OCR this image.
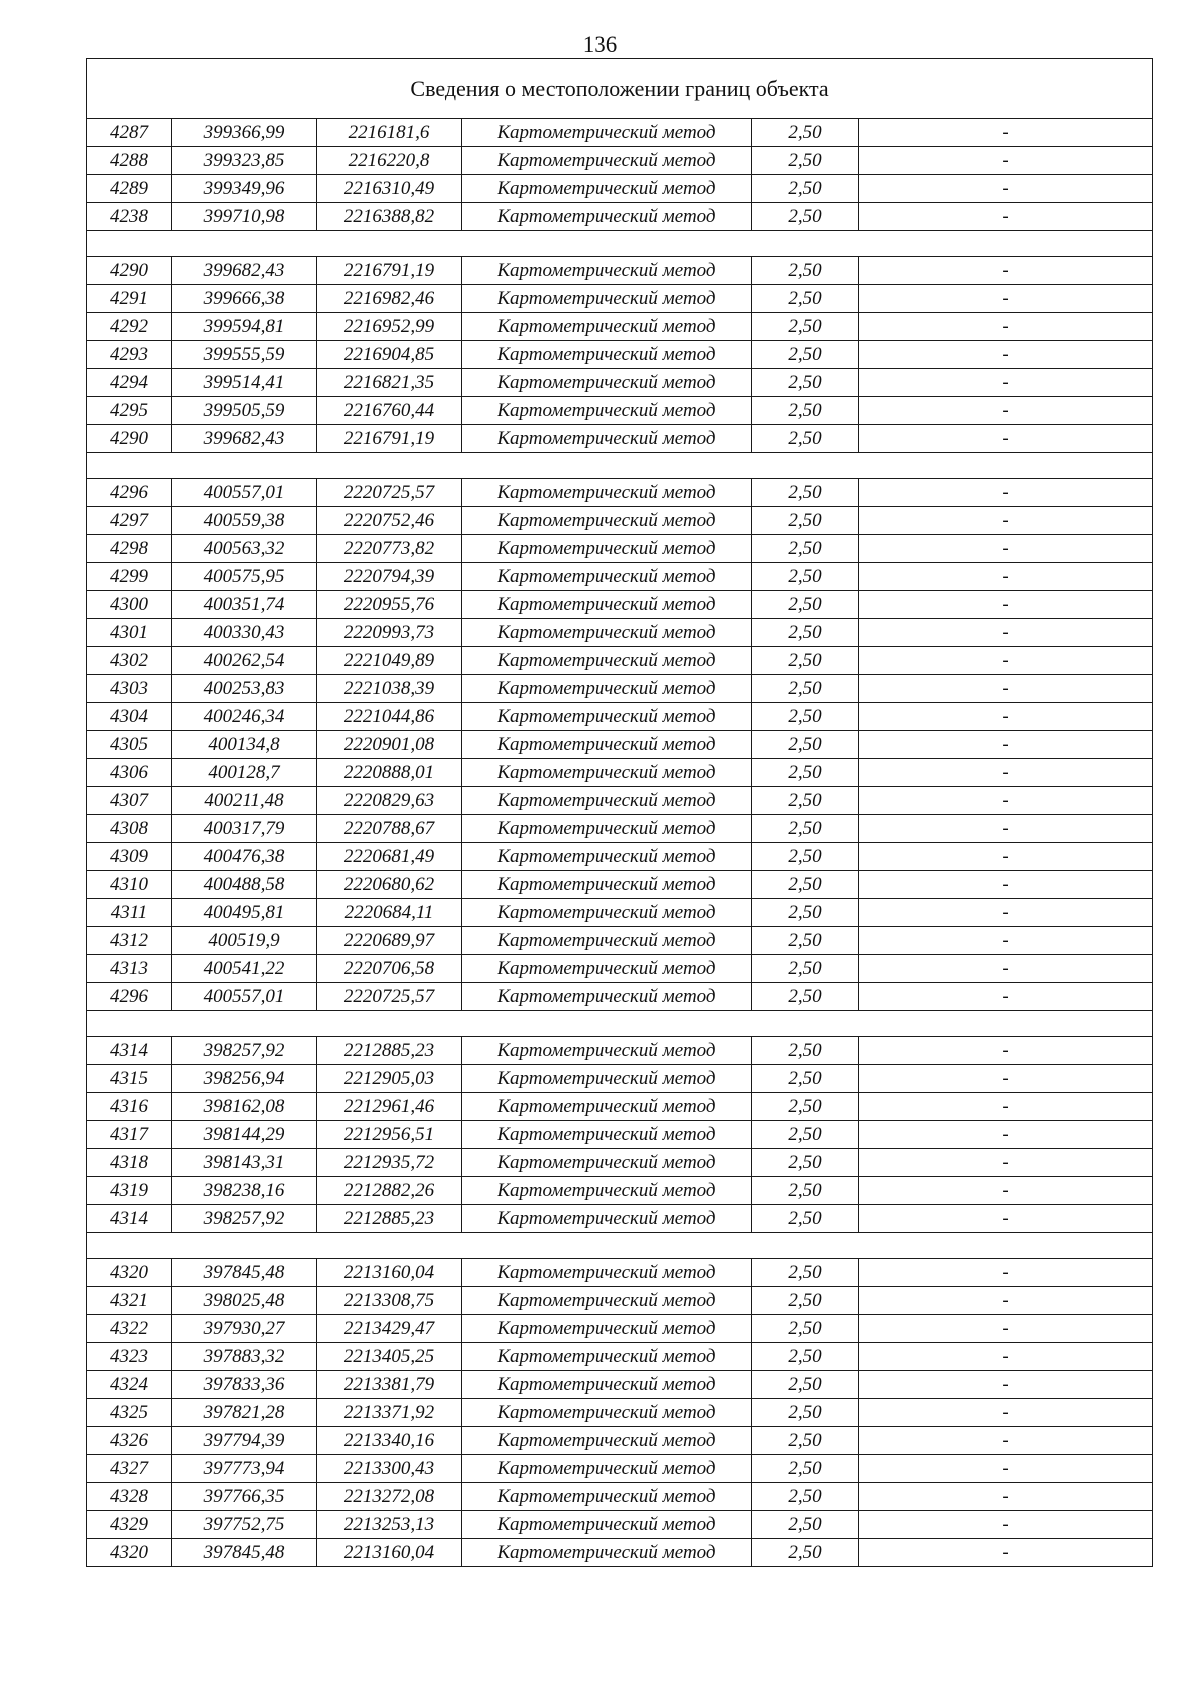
136
Сведения о местоположении границ объекта					
4287	399366,99	2216181,6	Картометрический метод	2,50	-
4288	399323,85	2216220,8	Картометрический метод	2,50	-
4289	399349,96	2216310,49	Картометрический метод	2,50	-
4238	399710,98	2216388,82	Картометрический метод	2,50	-

4290	399682,43	2216791,19	Картометрический метод	2,50	-
4291	399666,38	2216982,46	Картометрический метод	2,50	-
4292	399594,81	2216952,99	Картометрический метод	2,50	-
4293	399555,59	2216904,85	Картометрический метод	2,50	-
4294	399514,41	2216821,35	Картометрический метод	2,50	-
4295	399505,59	2216760,44	Картометрический метод	2,50	-
4290	399682,43	2216791,19	Картометрический метод	2,50	-

4296	400557,01	2220725,57	Картометрический метод	2,50	-
4297	400559,38	2220752,46	Картометрический метод	2,50	-
4298	400563,32	2220773,82	Картометрический метод	2,50	-
4299	400575,95	2220794,39	Картометрический метод	2,50	-
4300	400351,74	2220955,76	Картометрический метод	2,50	-
4301	400330,43	2220993,73	Картометрический метод	2,50	-
4302	400262,54	2221049,89	Картометрический метод	2,50	-
4303	400253,83	2221038,39	Картометрический метод	2,50	-
4304	400246,34	2221044,86	Картометрический метод	2,50	-
4305	400134,8	2220901,08	Картометрический метод	2,50	-
4306	400128,7	2220888,01	Картометрический метод	2,50	-
4307	400211,48	2220829,63	Картометрический метод	2,50	-
4308	400317,79	2220788,67	Картометрический метод	2,50	-
4309	400476,38	2220681,49	Картометрический метод	2,50	-
4310	400488,58	2220680,62	Картометрический метод	2,50	-
4311	400495,81	2220684,11	Картометрический метод	2,50	-
4312	400519,9	2220689,97	Картометрический метод	2,50	-
4313	400541,22	2220706,58	Картометрический метод	2,50	-
4296	400557,01	2220725,57	Картометрический метод	2,50	-

4314	398257,92	2212885,23	Картометрический метод	2,50	-
4315	398256,94	2212905,03	Картометрический метод	2,50	-
4316	398162,08	2212961,46	Картометрический метод	2,50	-
4317	398144,29	2212956,51	Картометрический метод	2,50	-
4318	398143,31	2212935,72	Картометрический метод	2,50	-
4319	398238,16	2212882,26	Картометрический метод	2,50	-
4314	398257,92	2212885,23	Картометрический метод	2,50	-

4320	397845,48	2213160,04	Картометрический метод	2,50	-
4321	398025,48	2213308,75	Картометрический метод	2,50	-
4322	397930,27	2213429,47	Картометрический метод	2,50	-
4323	397883,32	2213405,25	Картометрический метод	2,50	-
4324	397833,36	2213381,79	Картометрический метод	2,50	-
4325	397821,28	2213371,92	Картометрический метод	2,50	-
4326	397794,39	2213340,16	Картометрический метод	2,50	-
4327	397773,94	2213300,43	Картометрический метод	2,50	-
4328	397766,35	2213272,08	Картометрический метод	2,50	-
4329	397752,75	2213253,13	Картометрический метод	2,50	-
4320	397845,48	2213160,04	Картометрический метод	2,50	-
